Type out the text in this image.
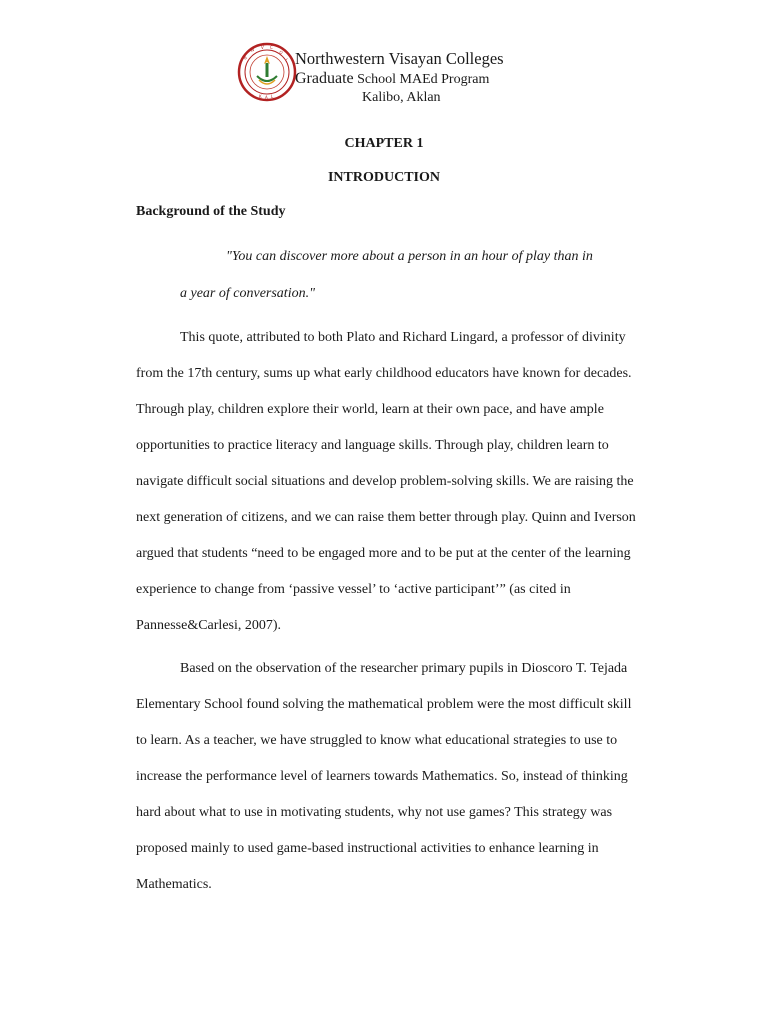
N
W V C
O
L
K A L
Northwestern Visayan Colleges
Graduate School MAEd Program
Kalibo, Aklan
CHAPTER 1
INTRODUCTION
Background of the Study
"You can discover more about a person in an hour of play than in
a year of conversation."
This quote, attributed to both Plato and Richard Lingard, a professor of divinity
from the 17th century, sums up what early childhood educators have known for decades.
Through play, children explore their world, learn at their own pace, and have ample
opportunities to practice literacy and language skills. Through play, children learn to
navigate difficult social situations and develop problem-solving skills. We are raising the
next generation of citizens, and we can raise them better through play. Quinn and Iverson
argued that students “need to be engaged more and to be put at the center of the learning
experience to change from ‘passive vessel’ to ‘active participant’” (as cited in
Pannesse&Carlesi, 2007).
Based on the observation of the researcher primary pupils in Dioscoro T. Tejada
Elementary School found solving the mathematical problem were the most difficult skill
to learn. As a teacher, we have struggled to know what educational strategies to use to
increase the performance level of learners towards Mathematics. So, instead of thinking
hard about what to use in motivating students, why not use games? This strategy was
proposed mainly to used game-based instructional activities to enhance learning in
Mathematics.
